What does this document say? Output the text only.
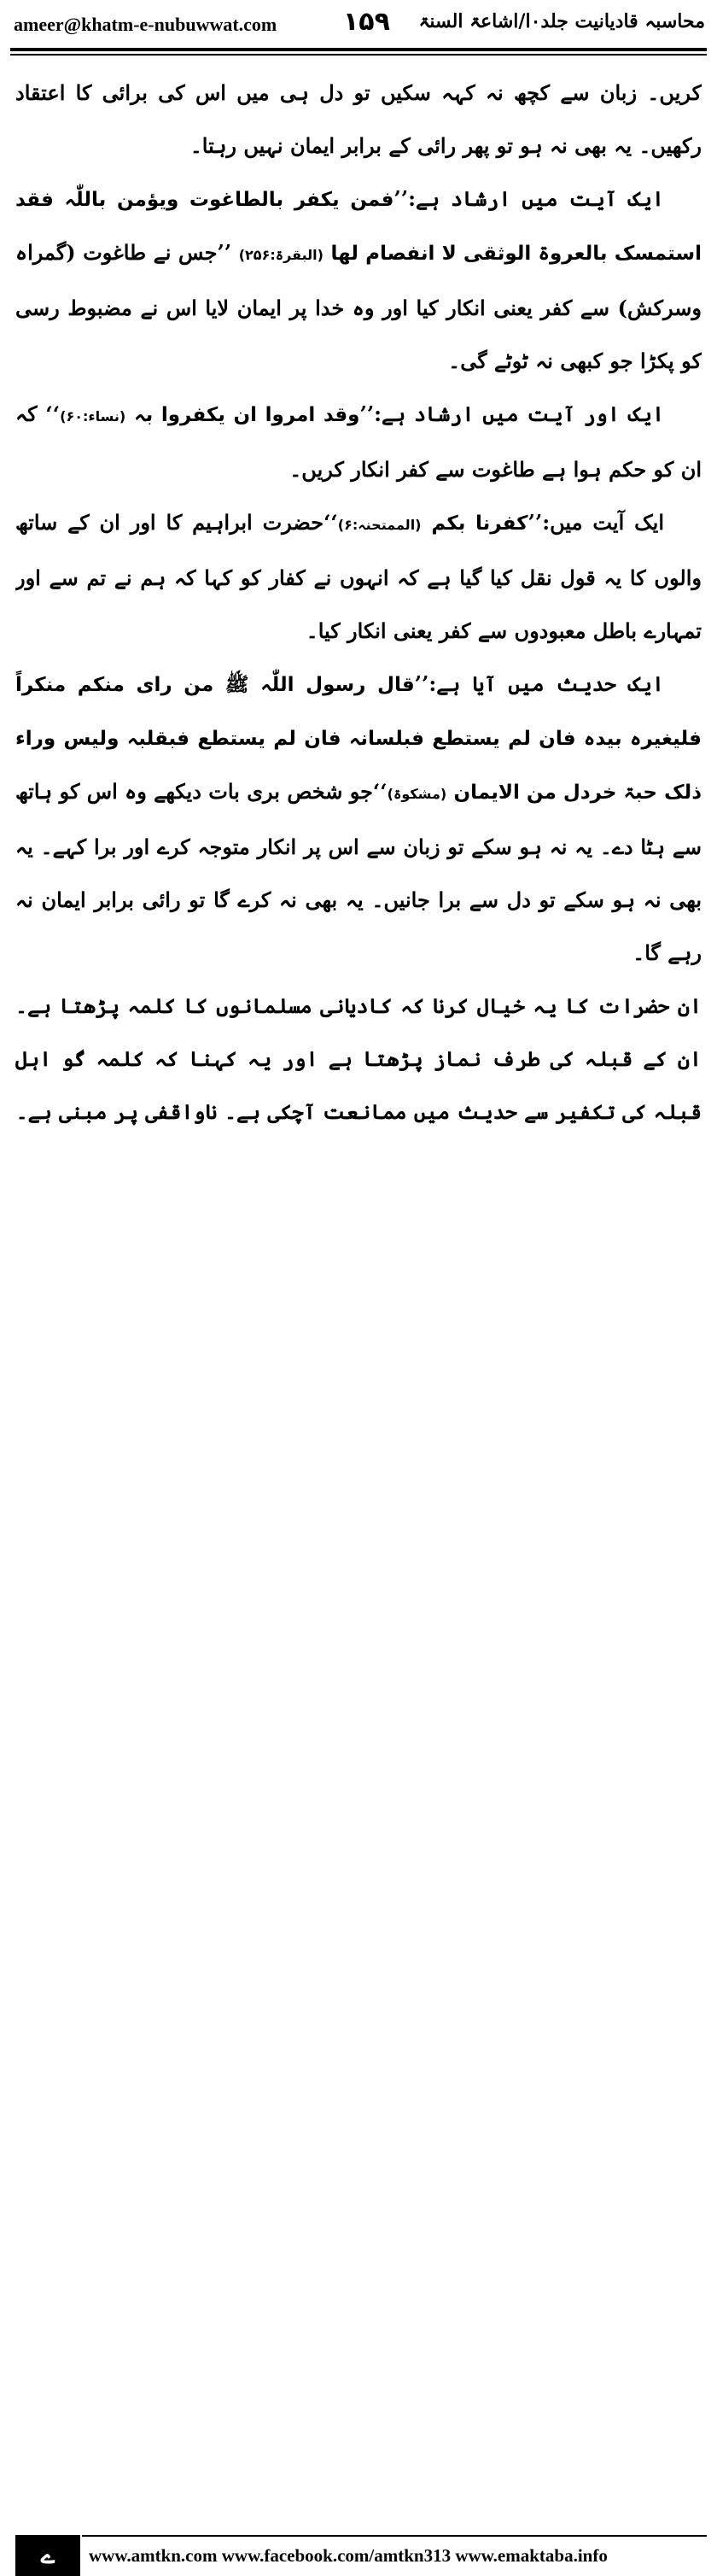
ameer@khatm-e-nubuwwat.com	۱۵۹	محاسبہ قادیانیت جلد۰ا/اشاعۃ السنۃ

کریں۔ زبان سے کچھ نہ کہہ سکیں تو دل ہی میں اس کی برائی کا اعتقاد رکھیں۔ یہ بھی نہ ہو تو پھر رائی کے برابر ایمان نہیں رہتا۔

ایک آیت میں ارشاد ہے:’’فمن یکفر بالطاغوت ویؤمن باللّٰہ فقد استمسک بالعروۃ الوثقی لا انفصام لھا (البقرۃ:۲۵۶) ’’جس نے طاغوت (گمراہ وسرکش) سے کفر یعنی انکار کیا اور وہ خدا پر ایمان لایا اس نے مضبوط رسی کو پکڑا جو کبھی نہ ٹوٹے گی۔

ایک اور آیت میں ارشاد ہے:’’وقد امروا ان یکفروا بہ (نساء:۶۰)‘‘ کہ ان کو حکم ہوا ہے طاغوت سے کفر انکار کریں۔

ایک آیت میں:’’کفرنا بکم (الممتحنہ:۶)‘‘حضرت ابراہیم کا اور ان کے ساتھ والوں کا یہ قول نقل کیا گیا ہے کہ انہوں نے کفار کو کہا کہ ہم نے تم سے اور تمہارے باطل معبودوں سے کفر یعنی انکار کیا۔

ایک حدیث میں آیا ہے:’’قال رسول اللّٰہ ﷺ من رای منکم منکراً فلیغیرہ بیدہ فان لم یستطع فبلسانہ فان لم یستطع فبقلبہ ولیس وراء ذلک حبۃ خردل من الایمان (مشکوۃ)‘‘جو شخص بری بات دیکھے وہ اس کو ہاتھ سے ہٹا دے۔ یہ نہ ہو سکے تو زبان سے اس پر انکار متوجہ کرے اور برا کہے۔ یہ بھی نہ ہو سکے تو دل سے برا جانیں۔ یہ بھی نہ کرے گا تو رائی برابر ایمان نہ رہے گا۔

ان حضرات کا یہ خیال کرنا کہ کادیانی مسلمانوں کا کلمہ پڑھتا ہے۔ ان کے قبلہ کی طرف نماز پڑھتا ہے اور یہ کہنا کہ کلمہ گو اہل قبلہ کی تکفیر سے حدیث میں ممانعت آچکی ہے۔ ناواقفی پر مبنی ہے۔

ے	www.amtkn.com www.facebook.com/amtkn313 www.emaktaba.info
